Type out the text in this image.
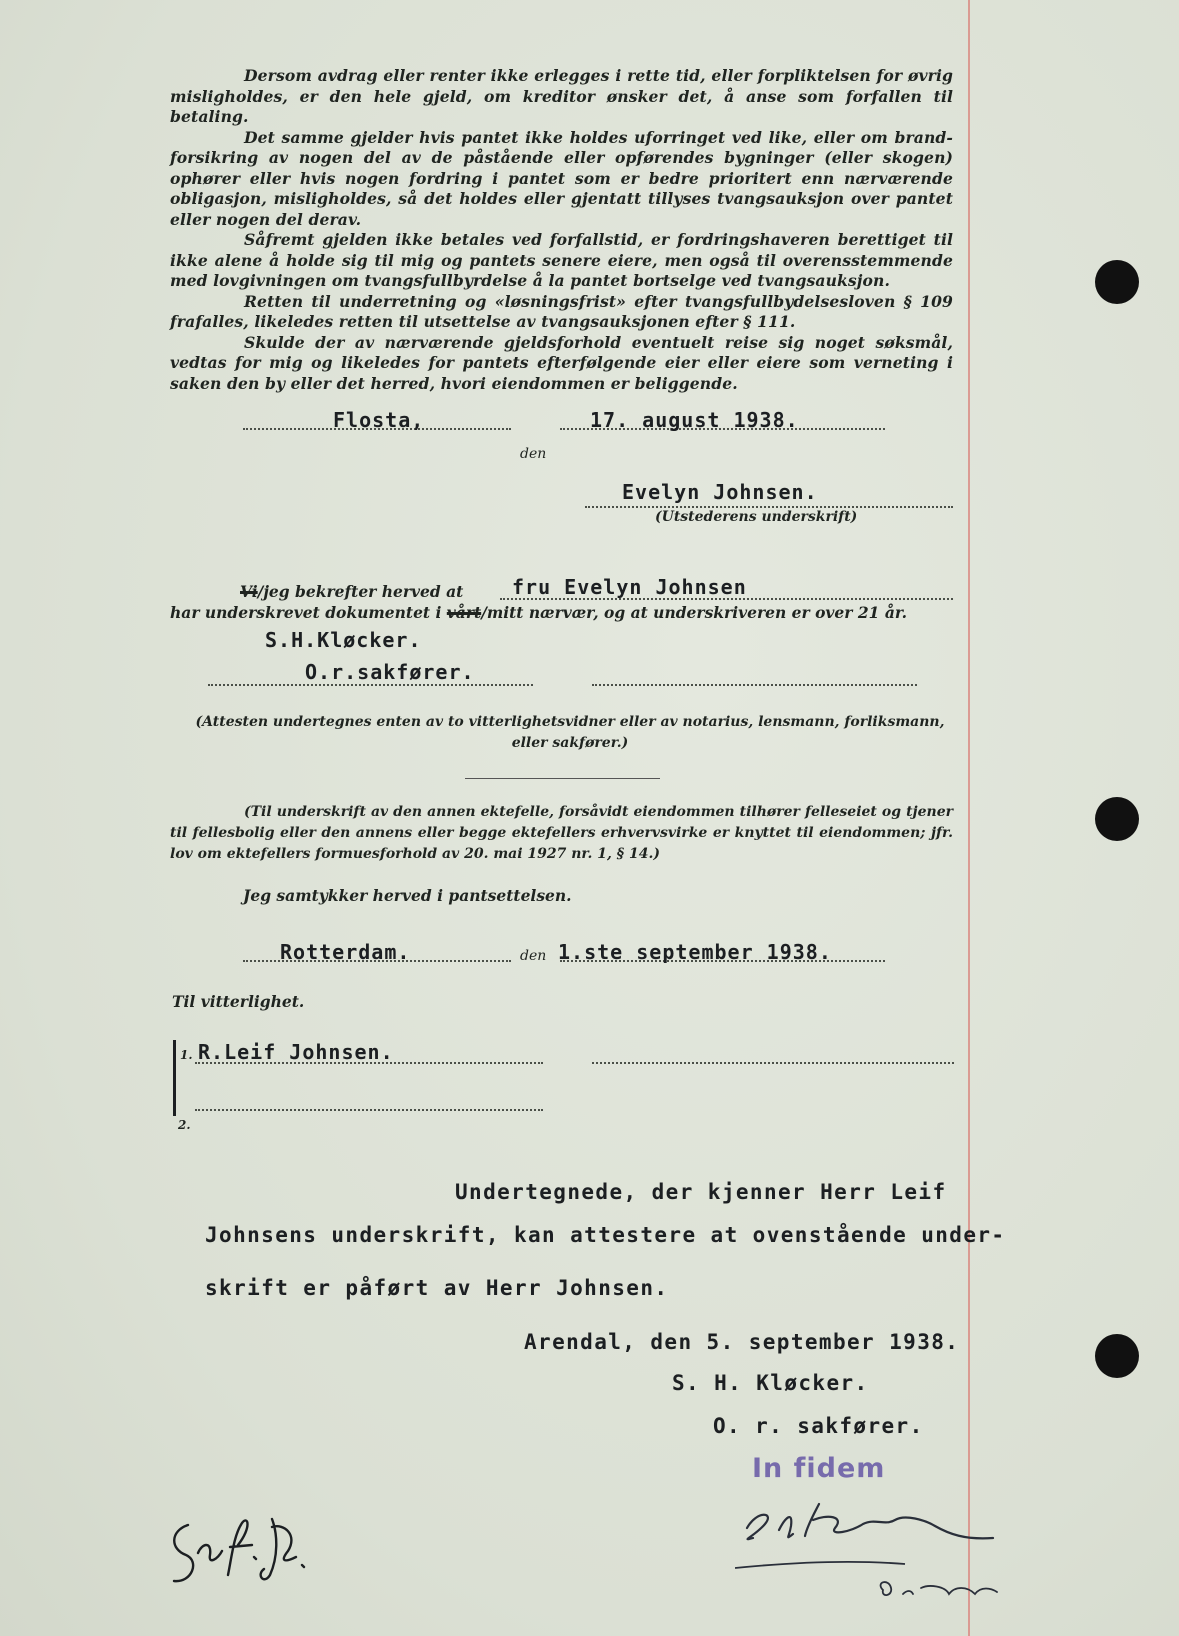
Dersom avdrag eller renter ikke erlegges i rette tid, eller forpliktelsen for øvrig misligholdes, er den hele gjeld, om kreditor ønsker det, å anse som forfallen til betaling.

Det samme gjelder hvis pantet ikke holdes uforringet ved like, eller om brand-forsikring av nogen del av de påstående eller opførendes bygninger (eller skogen) ophører eller hvis nogen fordring i pantet som er bedre prioritert enn nærværende obligasjon, misligholdes, så det holdes eller gjentatt tillyses tvangsauksjon over pantet eller nogen del derav.

Såfremt gjelden ikke betales ved forfallstid, er fordringshaveren berettiget til ikke alene å holde sig til mig og pantets senere eiere, men også til overensstemmende med lovgivningen om tvangsfullbyrdelse å la pantet bortselge ved tvangsauksjon.

Retten til underretning og «løsningsfrist» efter tvangsfullbydelsesloven § 109 frafalles, likeledes retten til utsettelse av tvangsauksjonen efter § 111.

Skulde der av nærværende gjeldsforhold eventuelt reise sig noget søksmål, vedtas for mig og likeledes for pantets efterfølgende eier eller eiere som verneting i saken den by eller det herred, hvori eiendommen er beliggende.

Flosta,
den
17. august 1938.
Evelyn Johnsen.
(Utstederens underskrift)
Vi/jeg bekrefter herved at fru Evelyn Johnsen
har underskrevet dokumentet i vårt/mitt nærvær, og at underskriveren er over 21 år.
S.H.Kløcker.
O.r.sakfører.
(Attesten undertegnes enten av to vitterlighetsvidner eller av notarius, lensmann, forliksmann, eller sakfører.)
(Til underskrift av den annen ektefelle, forsåvidt eiendommen tilhører felleseiet og tjener til fellesbolig eller den annens eller begge ektefellers erhvervsvirke er knyttet til eiendommen; jfr. lov om ektefellers formuesforhold av 20. mai 1927 nr. 1, § 14.)
Jeg samtykker herved i pantsettelsen.
Rotterdam.	den 1.ste september 1938.
Til vitterlighet.
1. R.Leif Johnsen.
2.
Undertegnede, der kjenner Herr Leif
Johnsens underskrift, kan attestere at ovenstående under-
skrift er påført av Herr Johnsen.
Arendal, den 5. september 1938.
S. H. Kløcker.
O. r. sakfører.
In fidem
